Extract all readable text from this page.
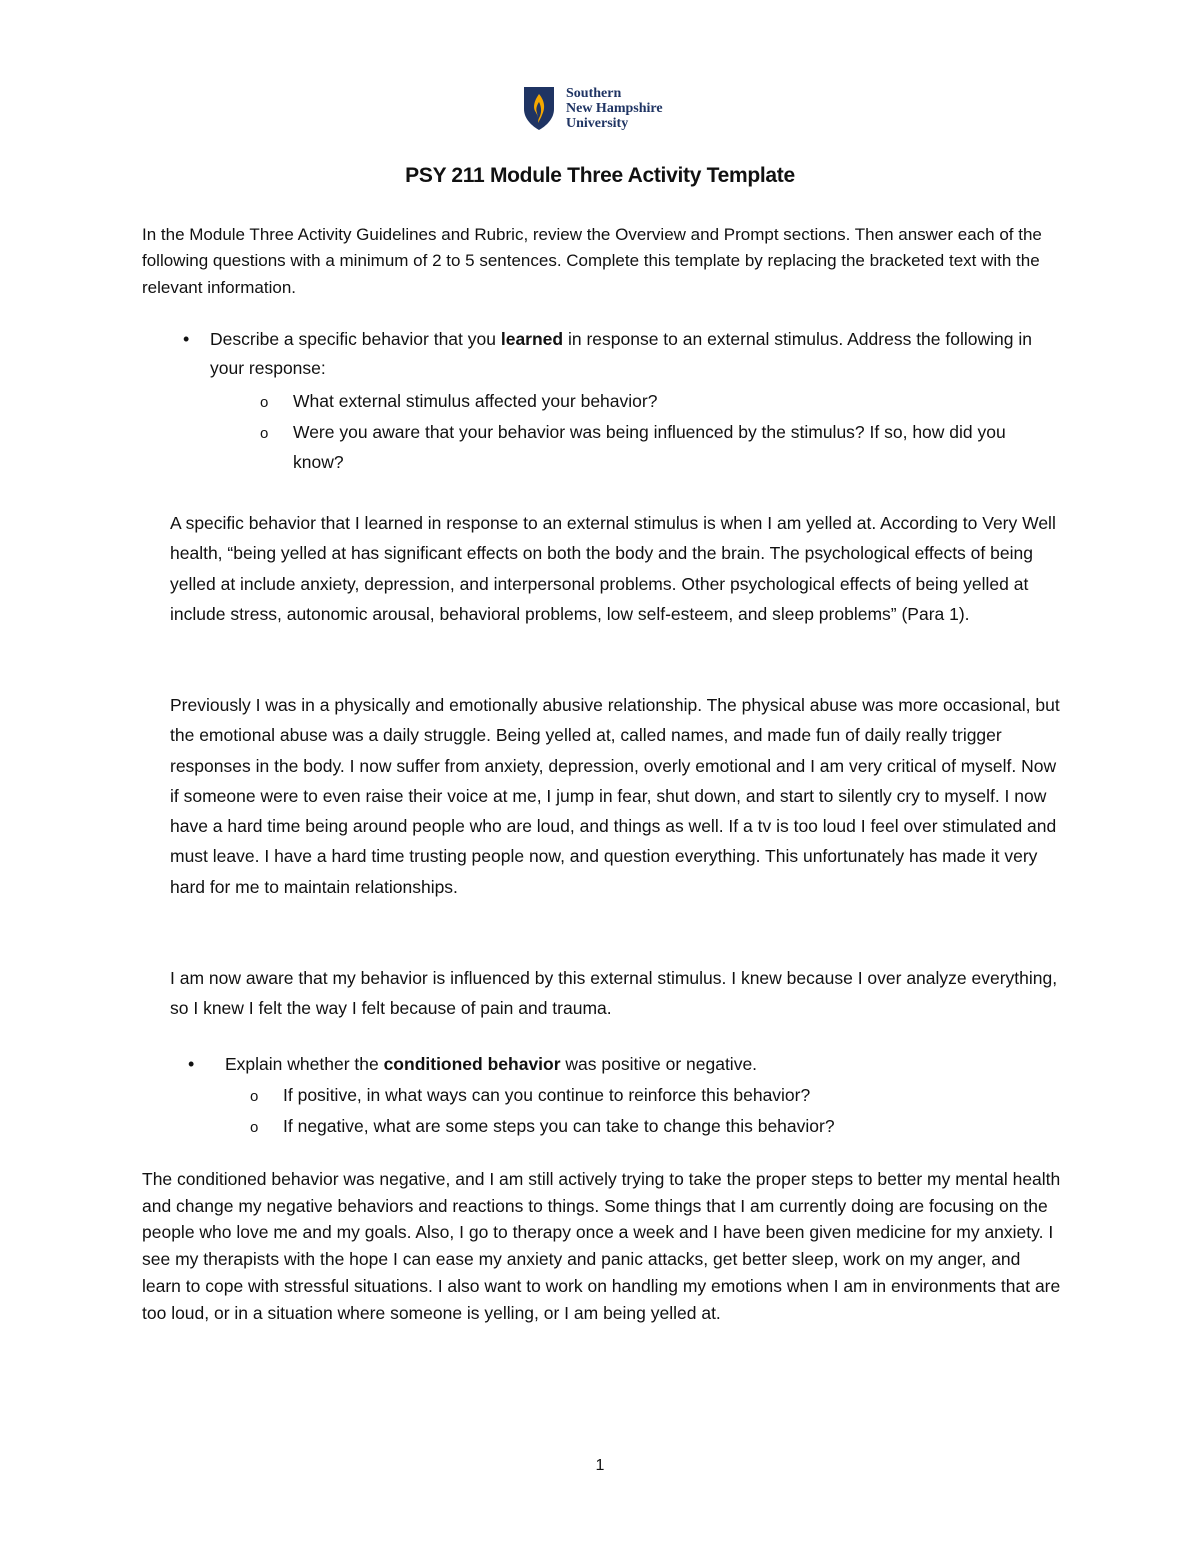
Southern
New Hampshire
University
PSY 211 Module Three Activity Template
In the Module Three Activity Guidelines and Rubric, review the Overview and Prompt sections. Then answer each of the following questions with a minimum of 2 to 5 sentences. Complete this template by replacing the bracketed text with the relevant information.
• Describe a specific behavior that you learned in response to an external stimulus. Address the following in your response:
o What external stimulus affected your behavior?
o Were you aware that your behavior was being influenced by the stimulus? If so, how did you know?
A specific behavior that I learned in response to an external stimulus is when I am yelled at. According to Very Well health, “being yelled at has significant effects on both the body and the brain. The psychological effects of being yelled at include anxiety, depression, and interpersonal problems. Other psychological effects of being yelled at include stress, autonomic arousal, behavioral problems, low self-esteem, and sleep problems” (Para 1).
Previously I was in a physically and emotionally abusive relationship. The physical abuse was more occasional, but the emotional abuse was a daily struggle. Being yelled at, called names, and made fun of daily really trigger responses in the body. I now suffer from anxiety, depression, overly emotional and I am very critical of myself. Now if someone were to even raise their voice at me, I jump in fear, shut down, and start to silently cry to myself. I now have a hard time being around people who are loud, and things as well. If a tv is too loud I feel over stimulated and must leave. I have a hard time trusting people now, and question everything. This unfortunately has made it very hard for me to maintain relationships.
I am now aware that my behavior is influenced by this external stimulus. I knew because I over analyze everything, so I knew I felt the way I felt because of pain and trauma.
• Explain whether the conditioned behavior was positive or negative.
o If positive, in what ways can you continue to reinforce this behavior?
o If negative, what are some steps you can take to change this behavior?
The conditioned behavior was negative, and I am still actively trying to take the proper steps to better my mental health and change my negative behaviors and reactions to things. Some things that I am currently doing are focusing on the people who love me and my goals. Also, I go to therapy once a week and I have been given medicine for my anxiety. I see my therapists with the hope I can ease my anxiety and panic attacks, get better sleep, work on my anger, and learn to cope with stressful situations. I also want to work on handling my emotions when I am in environments that are too loud, or in a situation where someone is yelling, or I am being yelled at.
1
